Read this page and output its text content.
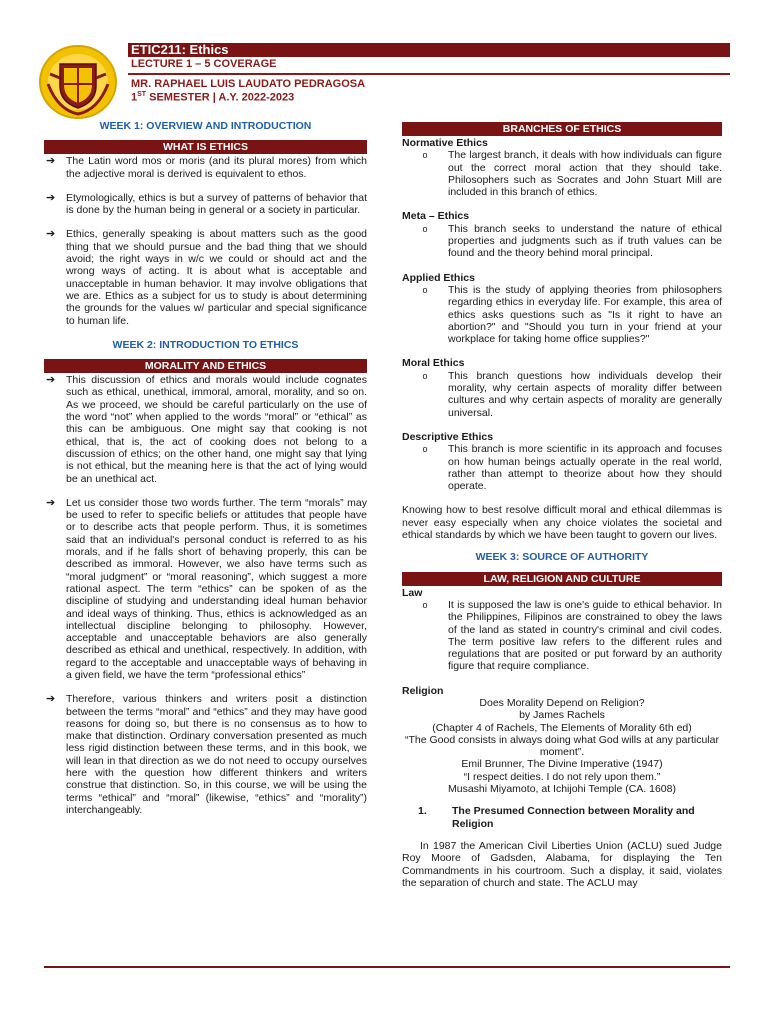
ETIC211: Ethics
LECTURE 1 – 5 COVERAGE
MR. RAPHAEL LUIS LAUDATO PEDRAGOSA
1ST SEMESTER | A.Y. 2022-2023
WEEK 1: OVERVIEW AND INTRODUCTION
WHAT IS ETHICS
➔	The Latin word mos or moris (and its plural mores) from which the adjective moral is derived is equivalent to ethos.
➔	Etymologically, ethics is but a survey of patterns of behavior that is done by the human being in general or a society in particular.
➔	Ethics, generally speaking is about matters such as the good thing that we should pursue and the bad thing that we should avoid; the right ways in w/c we could or should act and the wrong ways of acting. It is about what is acceptable and unacceptable in human behavior. It may involve obligations that we are. Ethics as a subject for us to study is about determining the grounds for the values w/ particular and special significance to human life.
WEEK 2: INTRODUCTION TO ETHICS
MORALITY AND ETHICS
➔	This discussion of ethics and morals would include cognates such as ethical, unethical, immoral, amoral, morality, and so on. As we proceed, we should be careful particularly on the use of the word “not” when applied to the words “moral” or “ethical” as this can be ambiguous. One might say that cooking is not ethical, that is, the act of cooking does not belong to a discussion of ethics; on the other hand, one might say that lying is not ethical, but the meaning here is that the act of lying would be an unethical act.
➔	Let us consider those two words further. The term “morals” may be used to refer to specific beliefs or attitudes that people have or to describe acts that people perform. Thus, it is sometimes said that an individual's personal conduct is referred to as his morals, and if he falls short of behaving properly, this can be described as immoral. However, we also have terms such as “moral judgment” or “moral reasoning”, which suggest a more rational aspect. The term “ethics” can be spoken of as the discipline of studying and understanding ideal human behavior and ideal ways of thinking. Thus, ethics is acknowledged as an intellectual discipline belonging to philosophy. However, acceptable and unacceptable behaviors are also generally described as ethical and unethical, respectively. In addition, with regard to the acceptable and unacceptable ways of behaving in a given field, we have the term “professional ethics”
➔	Therefore, various thinkers and writers posit a distinction between the terms “moral” and “ethics” and they may have good reasons for doing so, but there is no consensus as to how to make that distinction. Ordinary conversation presented as much less rigid distinction between these terms, and in this book, we will lean in that direction as we do not need to occupy ourselves here with the question how different thinkers and writers construe that distinction. So, in this course, we will be using the terms “ethical” and “moral” (likewise, “ethics” and “morality”) interchangeably.
BRANCHES OF ETHICS
Normative Ethics
o	The largest branch, it deals with how individuals can figure out the correct moral action that they should take. Philosophers such as Socrates and John Stuart Mill are included in this branch of ethics.
Meta – Ethics
o	This branch seeks to understand the nature of ethical properties and judgments such as if truth values can be found and the theory behind moral principal.
Applied Ethics
o	This is the study of applying theories from philosophers regarding ethics in everyday life. For example, this area of ethics asks questions such as "Is it right to have an abortion?" and "Should you turn in your friend at your workplace for taking home office supplies?"
Moral Ethics
o	This branch questions how individuals develop their morality, why certain aspects of morality differ between cultures and why certain aspects of morality are generally universal.
Descriptive Ethics
o	This branch is more scientific in its approach and focuses on how human beings actually operate in the real world, rather than attempt to theorize about how they should operate.

Knowing how to best resolve difficult moral and ethical dilemmas is never easy especially when any choice violates the societal and ethical standards by which we have been taught to govern our lives.

WEEK 3: SOURCE OF AUTHORITY
LAW, RELIGION AND CULTURE
Law
o	It is supposed the law is one's guide to ethical behavior. In the Philippines, Filipinos are constrained to obey the laws of the land as stated in country's criminal and civil codes. The term positive law refers to the different rules and regulations that are posited or put forward by an authority figure that require compliance.
Religion
Does Morality Depend on Religion?
by James Rachels
(Chapter 4 of Rachels, The Elements of Morality 6th ed)
“The Good consists in always doing what God wills at any particular moment”.
Emil Brunner, The Divine Imperative (1947)
“I respect deities. I do not rely upon them.”
Musashi Miyamoto, at Ichijohi Temple (CA. 1608)
1.	The Presumed Connection between Morality and Religion

In 1987 the American Civil Liberties Union (ACLU) sued Judge Roy Moore of Gadsden, Alabama, for displaying the Ten Commandments in his courtroom. Such a display, it said, violates the separation of church and state. The ACLU may
